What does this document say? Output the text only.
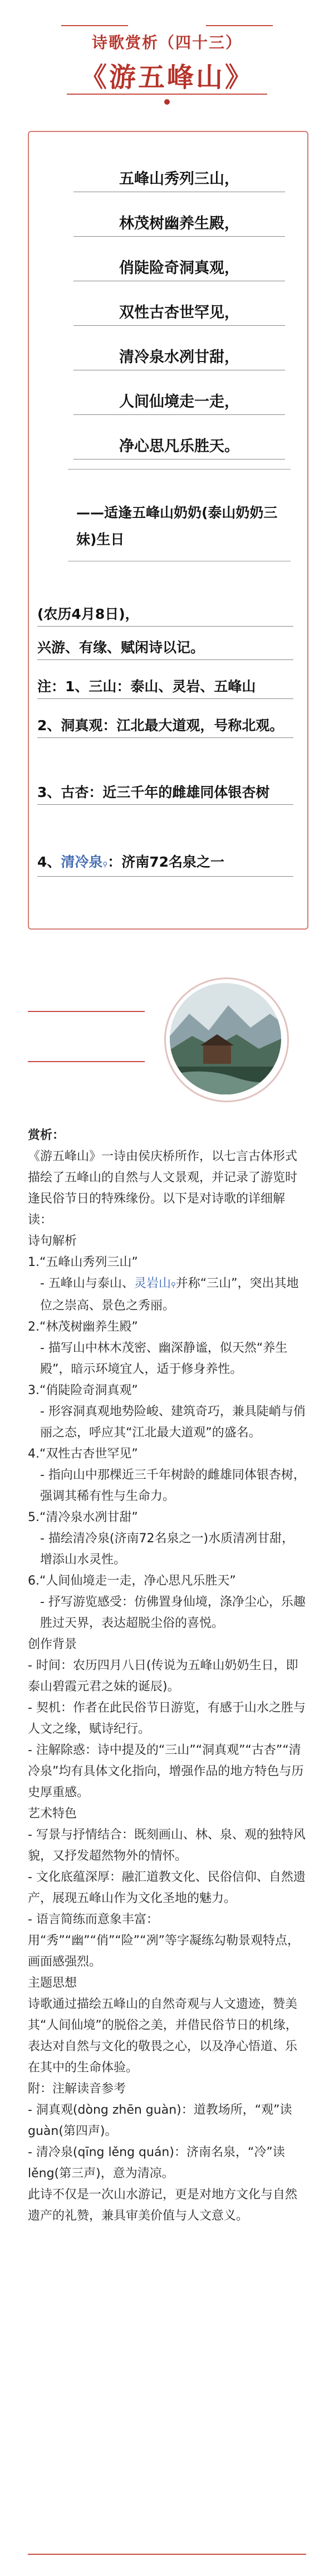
诗歌赏析（四十三）
《游五峰山》
五峰山秀列三山，
林茂树幽养生殿，
俏陡险奇洞真观，
双性古杏世罕见，
清冷泉水冽甘甜，
人间仙境走一走，
净心思凡乐胜天。
——适逢五峰山奶奶(泰山奶奶三妹)生日
(农历4月8日)，
兴游、有缘、赋闲诗以记。
注：1、三山：泰山、灵岩、五峰山
2、洞真观：江北最大道观，号称北观。
3、古杏：近三千年的雌雄同体银杏树
4、清冷泉⚲：济南72名泉之一

赏析：

《游五峰山》一诗由侯庆桥所作，以七言古体形式描绘了五峰山的自然与人文景观，并记录了游览时逢民俗节日的特殊缘份。以下是对诗歌的详细解读：

诗句解析

1.“五峰山秀列三山”

- 五峰山与泰山、灵岩山⚲并称“三山”，突出其地位之崇高、景色之秀丽。

2.“林茂树幽养生殿”

- 描写山中林木茂密、幽深静谧，似天然“养生殿”，暗示环境宜人，适于修身养性。

3.“俏陡险奇洞真观”

- 形容洞真观地势险峻、建筑奇巧，兼具陡峭与俏丽之态，呼应其“江北最大道观”的盛名。

4.“双性古杏世罕见”

- 指向山中那棵近三千年树龄的雌雄同体银杏树，强调其稀有性与生命力。

5.“清冷泉水冽甘甜”

- 描绘清冷泉(济南72名泉之一)水质清冽甘甜，增添山水灵性。

6.“人间仙境走一走，净心思凡乐胜天”

- 抒写游览感受：仿佛置身仙境，涤净尘心，乐趣胜过天界，表达超脱尘俗的喜悦。

创作背景

- 时间：农历四月八日(传说为五峰山奶奶生日，即泰山碧霞元君之妹的诞辰)。

- 契机：作者在此民俗节日游览，有感于山水之胜与人文之缘，赋诗纪行。

- 注解除惑：诗中提及的“三山”“洞真观”“古杏”“清冷泉”均有具体文化指向，增强作品的地方特色与历史厚重感。

艺术特色

- 写景与抒情结合：既刻画山、林、泉、观的独特风貌，又抒发超然物外的情怀。

- 文化底蕴深厚：融汇道教文化、民俗信仰、自然遗产，展现五峰山作为文化圣地的魅力。

- 语言简练而意象丰富：用“秀”“幽”“俏”“险”“冽”等字凝练勾勒景观特点，画面感强烈。

主题思想

诗歌通过描绘五峰山的自然奇观与人文遗迹，赞美其“人间仙境”的脱俗之美，并借民俗节日的机缘，表达对自然与文化的敬畏之心，以及净心悟道、乐在其中的生命体验。

附：注解读音参考

- 洞真观(dòng zhēn guàn)：道教场所，“观”读guàn(第四声)。

- 清冷泉(qīng lěng quán)：济南名泉，“冷”读lěng(第三声)，意为清凉。

此诗不仅是一次山水游记，更是对地方文化与自然遗产的礼赞，兼具审美价值与人文意义。
